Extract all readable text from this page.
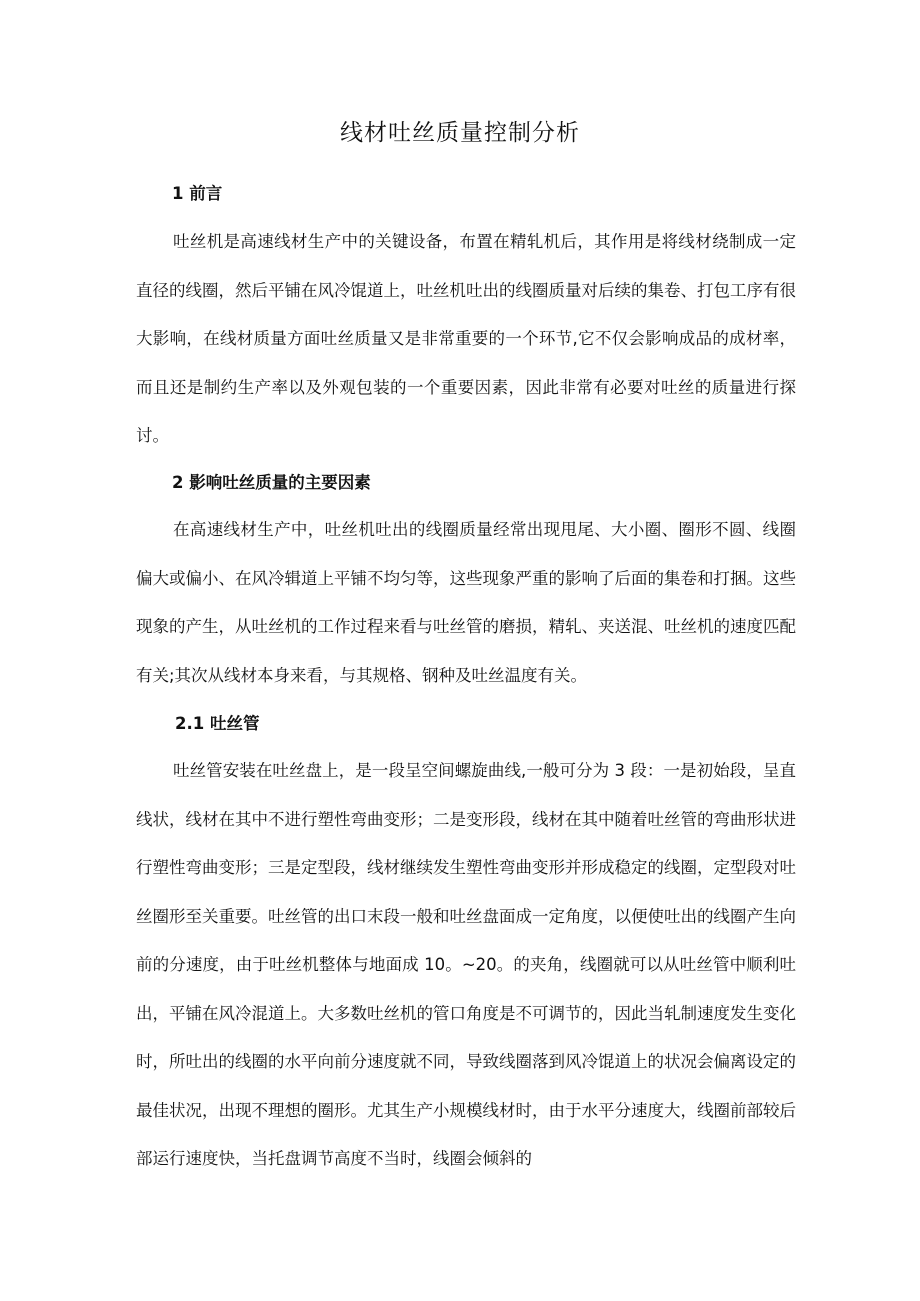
线材吐丝质量控制分析
1 前言

吐丝机是高速线材生产中的关键设备，布置在精轧机后，其作用是将线材绕制成一定直径的线圈，然后平铺在风冷馄道上，吐丝机吐出的线圈质量对后续的集卷、打包工序有很大影响，在线材质量方面吐丝质量又是非常重要的一个环节,它不仅会影响成品的成材率，而且还是制约生产率以及外观包装的一个重要因素，因此非常有必要对吐丝的质量进行探讨。

2 影响吐丝质量的主要因素

在高速线材生产中，吐丝机吐出的线圈质量经常出现甩尾、大小圈、圈形不圆、线圈偏大或偏小、在风冷辑道上平铺不均匀等，这些现象严重的影响了后面的集卷和打捆。这些现象的产生，从吐丝机的工作过程来看与吐丝管的磨损，精轧、夹送混、吐丝机的速度匹配有关;其次从线材本身来看，与其规格、钢种及吐丝温度有关。

2.1 吐丝管

吐丝管安装在吐丝盘上，是一段呈空间螺旋曲线,一般可分为 3 段：一是初始段，呈直线状，线材在其中不进行塑性弯曲变形；二是变形段，线材在其中随着吐丝管的弯曲形状进行塑性弯曲变形；三是定型段，线材继续发生塑性弯曲变形并形成稳定的线圈，定型段对吐丝圈形至关重要。吐丝管的出口末段一般和吐丝盘面成一定角度，以便使吐出的线圈产生向前的分速度，由于吐丝机整体与地面成 10。~20。的夹角，线圈就可以从吐丝管中顺利吐出，平铺在风冷混道上。大多数吐丝机的管口角度是不可调节的，因此当轧制速度发生变化时，所吐出的线圈的水平向前分速度就不同，导致线圈落到风冷馄道上的状况会偏离设定的最佳状况，出现不理想的圈形。尤其生产小规模线材时，由于水平分速度大，线圈前部较后部运行速度快，当托盘调节高度不当时，线圈会倾斜的
